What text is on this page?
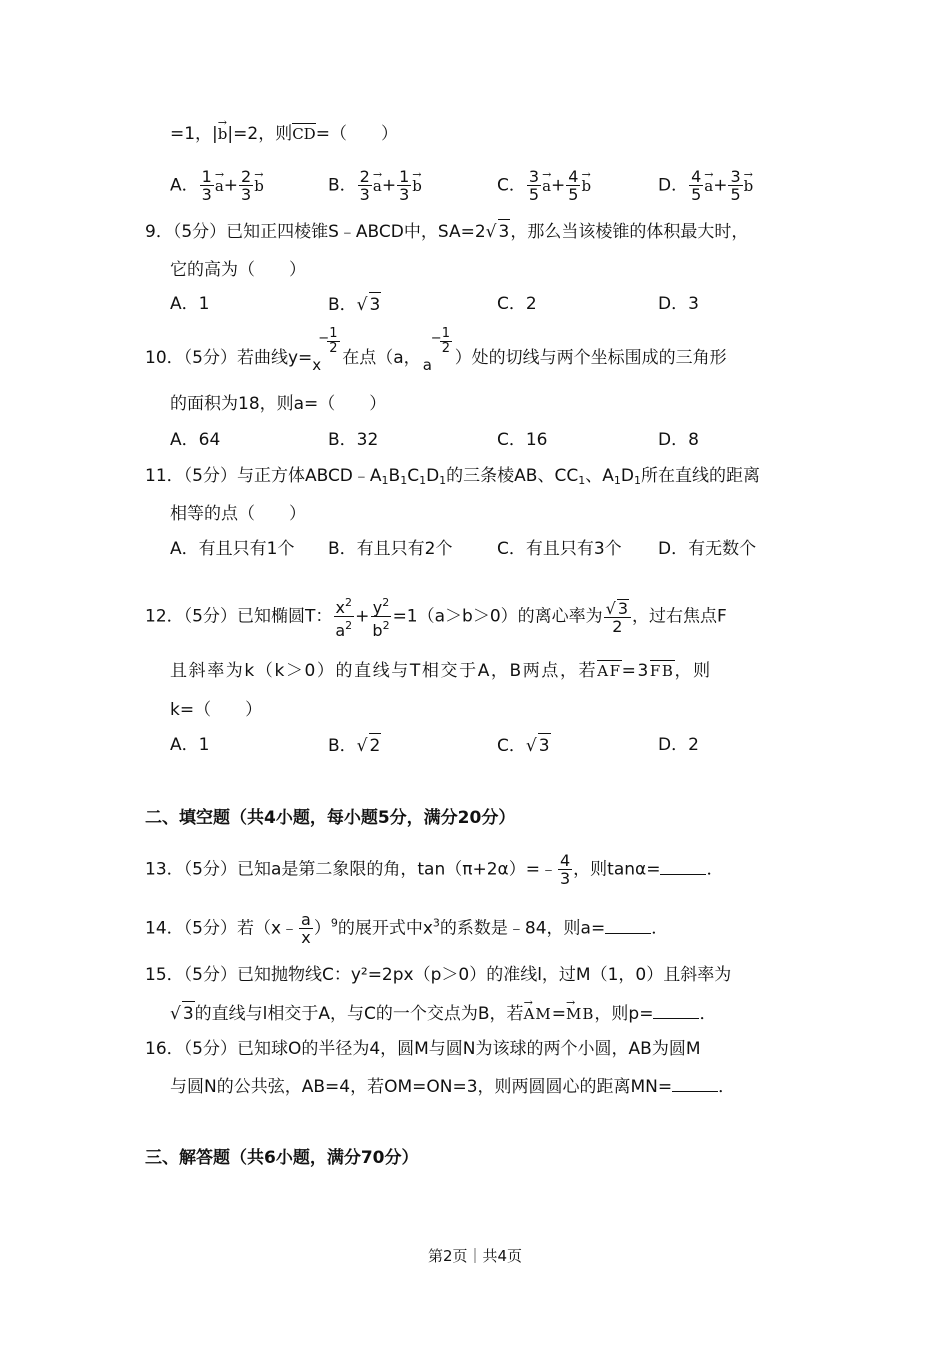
=1，|→ b|=2，则CD=（　　）
A． $\frac{1}{3}$
→ $a+ \frac{2}{3}$
→ b	B． $\frac{2}{3}$
→ $a+ \frac{1}{3}$
→ b	C． $\frac{3}{5}$
→ $a+ \frac{4}{5}$
→ b	D． $\frac{4}{5}$
→ $a+ \frac{3}{5}$
→ b
9．（5分）已知正四棱锥S﹣ABCD中，SA=2√ 3，那么当该棱锥的体积最大时，
它的高为（　　）
A．1	B．√ 3	C．2	D．3
10．（5分）若曲线y= x
−
$\frac{1}{2}$
在点（a， a
−
$\frac{1}{2}$
）处的切线与两个坐标围成的三角形
的面积为18，则a=（　　）
A．64	B．32	C．16	D．8
11．（5分）与正方体$ABCD﹣A_1B_1C_1D_1$的三条棱AB、$CC_1$、$A_1D_1$所在直线的距离
相等的点（　　）
A．有且只有1个 B．有且只有2个	C．有且只有3个 D．有无数个
12．（5分）已知椭圆T： $\frac{x^2}{a^2} + \frac{y^2}{b^2} =1(a>b>0)$的离心率为 $\frac{√ 3}{2}$ ，过右焦点F
且斜率为k（k＞0）的直线与T相交于A，B两点，若AF=3FB，则
k=（　　）
A．1	B．√ 2	C．√ 3	D．2
二、填空题（共4小题，每小题5分，满分20分）
13．（5分）已知a是第二象限的角，tan（π+2α）=﹣ $\frac{4}{3}$ ，则tanα=	．
14．（5分）若（x﹣ $\frac{a}{x} )^9$的展开式中$x^3$的系数是﹣84，则a=	．
15．（5分）已知抛物线C：y²=2px（p＞0）的准线l，过M（1，0）且斜率为
√ 3的直线与l相交于A，与C的一个交点为B，若→ AM=→ MB，则p=	．
16．（5分）已知球O的半径为4，圆M与圆N为该球的两个小圆，AB为圆M
与圆N的公共弦，AB=4，若OM=ON=3，则两圆圆心的距离MN=	．
三、解答题（共6小题，满分70分）
第2页｜共4页
